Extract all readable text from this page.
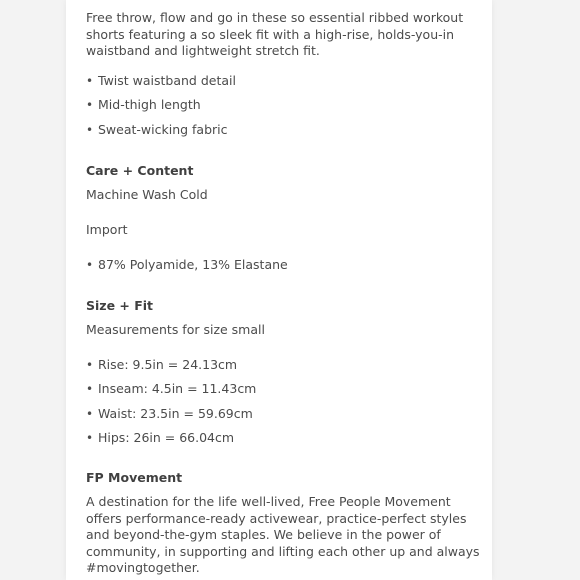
Free throw, flow and go in these so essential ribbed workout shorts featuring a so sleek fit with a high-rise, holds-you-in waistband and lightweight stretch fit.

• Twist waistband detail
• Mid-thigh length
• Sweat-wicking fabric
Care + Content

Machine Wash Cold

Import

• 87% Polyamide, 13% Elastane
Size + Fit

Measurements for size small

• Rise: 9.5in = 24.13cm
• Inseam: 4.5in = 11.43cm
• Waist: 23.5in = 59.69cm
• Hips: 26in = 66.04cm
FP Movement

A destination for the life well-lived, Free People Movement offers performance-ready activewear, practice-perfect styles and beyond-the-gym staples. We believe in the power of community, in supporting and lifting each other up and always #movingtogether.
